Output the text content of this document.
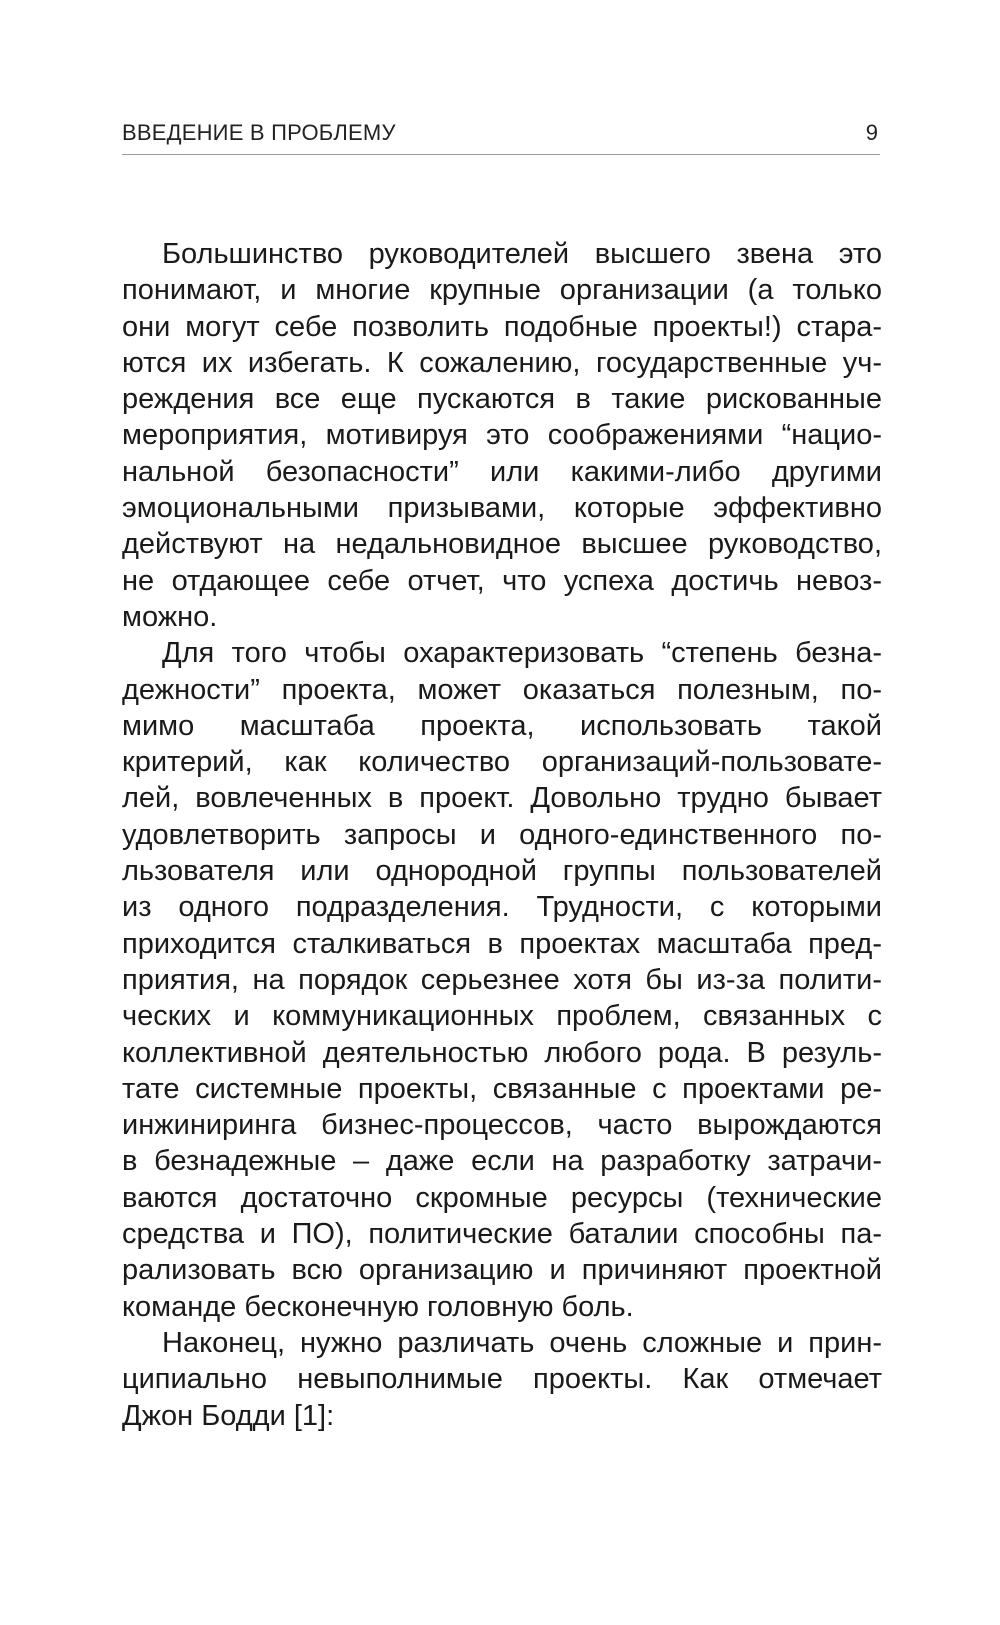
ВВЕДЕНИЕ В ПРОБЛЕМУ	9
Большинство руководителей высшего звена это
понимают, и многие крупные организации (а только
они могут себе позволить подобные проекты!) стара-
ются их избегать. К сожалению, государственные уч-
реждения все еще пускаются в такие рискованные
мероприятия, мотивируя это соображениями “нацио-
нальной безопасности” или какими-либо другими
эмоциональными призывами, которые эффективно
действуют на недальновидное высшее руководство,
не отдающее себе отчет, что успеха достичь невоз-
можно.
Для того чтобы охарактеризовать “степень безна-
дежности” проекта, может оказаться полезным, по-
мимо масштаба проекта, использовать такой
критерий, как количество организаций-пользовате-
лей, вовлеченных в проект. Довольно трудно бывает
удовлетворить запросы и одного-единственного по-
льзователя или однородной группы пользователей
из одного подразделения. Трудности, с которыми
приходится сталкиваться в проектах масштаба пред-
приятия, на порядок серьезнее хотя бы из-за полити-
ческих и коммуникационных проблем, связанных с
коллективной деятельностью любого рода. В резуль-
тате системные проекты, связанные с проектами ре-
инжиниринга бизнес-процессов, часто вырождаются
в безнадежные – даже если на разработку затрачи-
ваются достаточно скромные ресурсы (технические
средства и ПО), политические баталии способны па-
рализовать всю организацию и причиняют проектной
команде бесконечную головную боль.
Наконец, нужно различать очень сложные и прин-
ципиально невыполнимые проекты. Как отмечает
Джон Бодди [1]:
